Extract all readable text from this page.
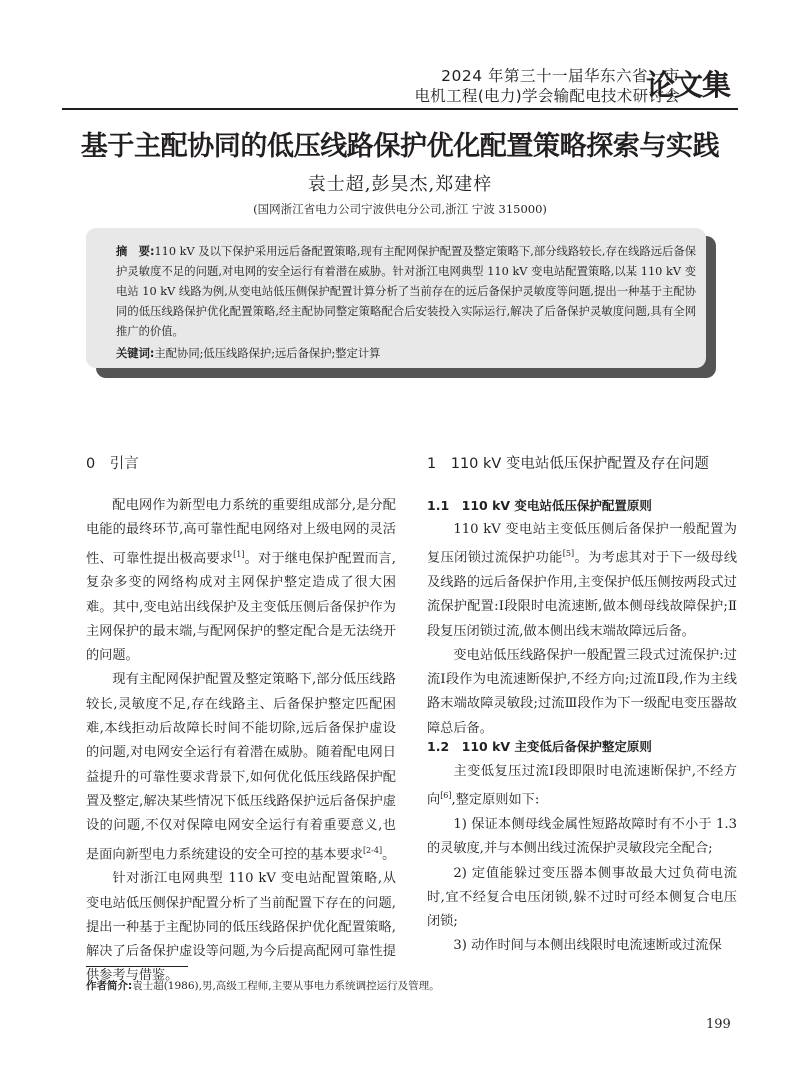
2024 年第三十一届华东六省一市
电机工程(电力)学会输配电技术研讨会
论文集
基于主配协同的低压线路保护优化配置策略探索与实践
袁士超,彭昊杰,郑建梓
(国网浙江省电力公司宁波供电分公司,浙江 宁波 315000)
摘　要:110 kV 及以下保护采用远后备配置策略,现有主配网保护配置及整定策略下,部分线路较长,存在线路远后备保护灵敏度不足的问题,对电网的安全运行有着潜在威胁。针对浙江电网典型 110 kV 变电站配置策略,以某 110 kV 变电站 10 kV 线路为例,从变电站低压侧保护配置计算分析了当前存在的远后备保护灵敏度等问题,提出一种基于主配协同的低压线路保护优化配置策略,经主配协同整定策略配合后安装投入实际运行,解决了后备保护灵敏度问题,具有全网推广的价值。
关键词:主配协同;低压线路保护;远后备保护;整定计算
0　引言

配电网作为新型电力系统的重要组成部分,是分配电能的最终环节,高可靠性配电网络对上级电网的灵活性、可靠性提出极高要求[1]。对于继电保护配置而言,复杂多变的网络构成对主网保护整定造成了很大困难。其中,变电站出线保护及主变低压侧后备保护作为主网保护的最末端,与配网保护的整定配合是无法绕开的问题。

现有主配网保护配置及整定策略下,部分低压线路较长,灵敏度不足,存在线路主、后备保护整定匹配困难,本线拒动后故障长时间不能切除,远后备保护虚设的问题,对电网安全运行有着潜在威胁。随着配电网日益提升的可靠性要求背景下,如何优化低压线路保护配置及整定,解决某些情况下低压线路保护远后备保护虚设的问题,不仅对保障电网安全运行有着重要意义,也是面向新型电力系统建设的安全可控的基本要求[2-4]。

针对浙江电网典型 110 kV 变电站配置策略,从变电站低压侧保护配置分析了当前配置下存在的问题,提出一种基于主配协同的低压线路保护优化配置策略,解决了后备保护虚设等问题,为今后提高配网可靠性提供参考与借鉴。

1　110 kV 变电站低压保护配置及存在问题
1.1　110 kV 变电站低压保护配置原则

110 kV 变电站主变低压侧后备保护一般配置为复压闭锁过流保护功能[5]。为考虑其对于下一级母线及线路的远后备保护作用,主变保护低压侧按两段式过流保护配置:Ⅰ段限时电流速断,做本侧母线故障保护;Ⅱ段复压闭锁过流,做本侧出线末端故障远后备。

变电站低压线路保护一般配置三段式过流保护:过流Ⅰ段作为电流速断保护,不经方向;过流Ⅱ段,作为主线路末端故障灵敏段;过流Ⅲ段作为下一级配电变压器故障总后备。

1.2　110 kV 主变低后备保护整定原则

主变低复压过流Ⅰ段即限时电流速断保护,不经方向[6],整定原则如下:

1) 保证本侧母线金属性短路故障时有不小于 1.3 的灵敏度,并与本侧出线过流保护灵敏段完全配合;

2) 定值能躲过变压器本侧事故最大过负荷电流时,宜不经复合电压闭锁,躲不过时可经本侧复合电压闭锁;

3) 动作时间与本侧出线限时电流速断或过流保

作者简介:袁士超(1986),男,高级工程师,主要从事电力系统调控运行及管理。
199
